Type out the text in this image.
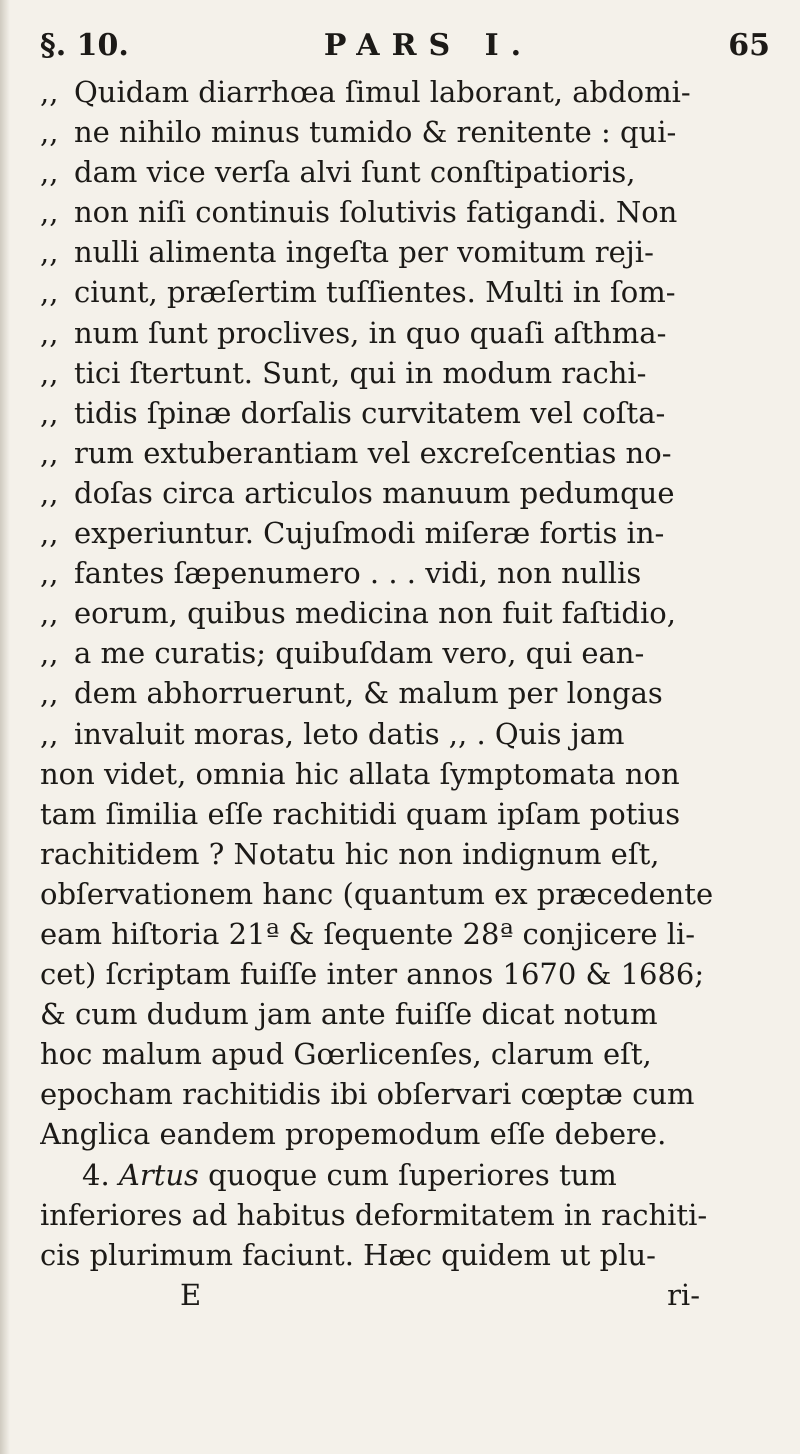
§. 10.	PARS I.	65
,, Quidam diarrhœa ſimul laborant, abdomi-
,, ne nihilo minus tumido & renitente : qui-
,, dam vice verſa alvi ſunt conſtipatioris,
,, non niſi continuis ſolutivis fatigandi. Non
,, nulli alimenta ingeſta per vomitum reji-
,, ciunt, præſertim tuſſientes. Multi in ſom-
,, num ſunt proclives, in quo quaſi aſthma-
,, tici ſtertunt. Sunt, qui in modum rachi-
,, tidis ſpinæ dorſalis curvitatem vel coſta-
,, rum extuberantiam vel excreſcentias no-
,, doſas circa articulos manuum pedumque
,, experiuntur. Cujuſmodi miſeræ fortis in-
,, fantes ſæpenumero . . . vidi, non nullis
,, eorum, quibus medicina non fuit faſtidio,
,, a me curatis; quibuſdam vero, qui ean-
,, dem abhorruerunt, & malum per longas
,, invaluit moras, leto datis ,, . Quis jam
non videt, omnia hic allata ſymptomata non
tam ſimilia eſſe rachitidi quam ipſam potius
rachitidem ? Notatu hic non indignum eſt,
obſervationem hanc (quantum ex præcedente
eam hiſtoria 21ª & ſequente 28ª conjicere li-
cet) ſcriptam fuiſſe inter annos 1670 & 1686;
& cum dudum jam ante fuiſſe dicat notum
hoc malum apud Gœrlicenſes, clarum eſt,
epocham rachitidis ibi obſervari cœptæ cum
Anglica eandem propemodum eſſe debere.
4. Artus quoque cum ſuperiores tum
inferiores ad habitus deformitatem in rachiti-
cis plurimum faciunt. Hæc quidem ut plu-
E	ri-
